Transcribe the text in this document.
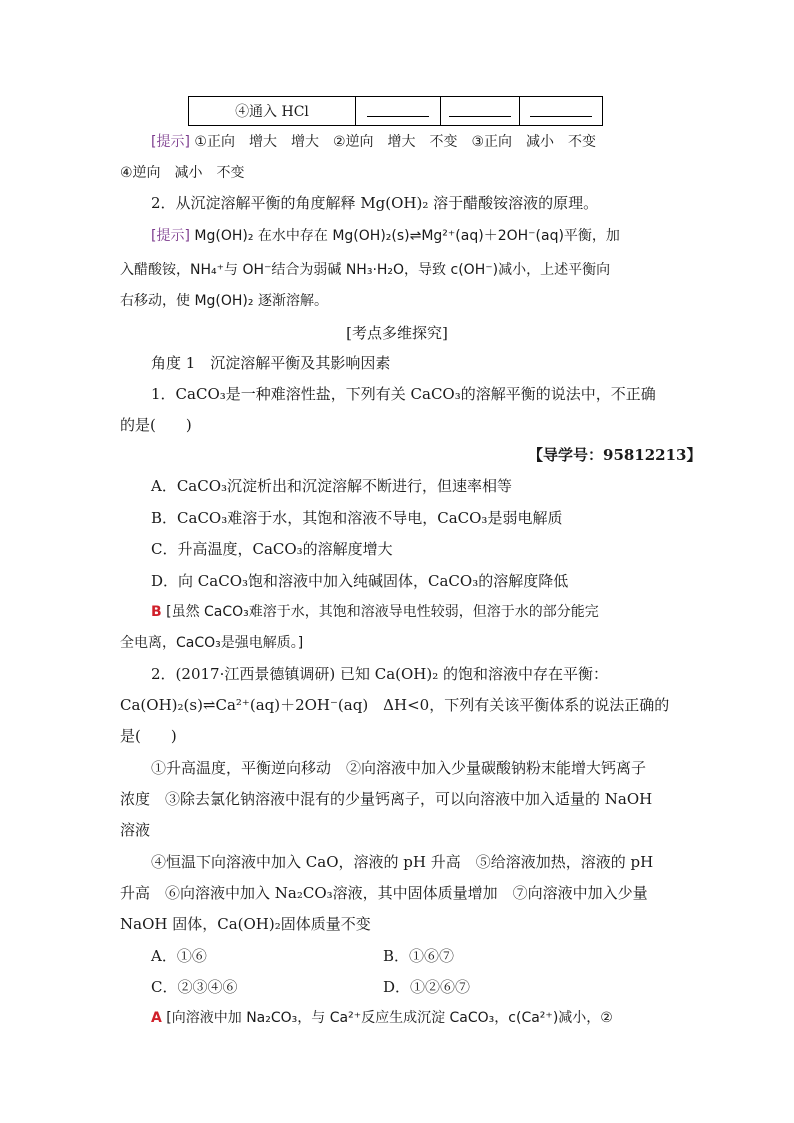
④通入 HCl			
[提示] ①正向　增大　增大　②逆向　增大　不变　③正向　减小　不变
④逆向　减小　不变
2．从沉淀溶解平衡的角度解释 Mg(OH)₂ 溶于醋酸铵溶液的原理。
[提示] Mg(OH)₂ 在水中存在 Mg(OH)₂(s)⇌Mg²⁺(aq)＋2OH⁻(aq)平衡，加
入醋酸铵，NH₄⁺与 OH⁻结合为弱碱 NH₃·H₂O，导致 c(OH⁻)减小，上述平衡向
右移动，使 Mg(OH)₂ 逐渐溶解。
[考点多维探究]
角度 1　沉淀溶解平衡及其影响因素
1．CaCO₃是一种难溶性盐，下列有关 CaCO₃的溶解平衡的说法中，不正确
的是(　　)
【导学号：95812213】
A．CaCO₃沉淀析出和沉淀溶解不断进行，但速率相等
B．CaCO₃难溶于水，其饱和溶液不导电，CaCO₃是弱电解质
C．升高温度，CaCO₃的溶解度增大
D．向 CaCO₃饱和溶液中加入纯碱固体，CaCO₃的溶解度降低
B [虽然 CaCO₃难溶于水，其饱和溶液导电性较弱，但溶于水的部分能完
全电离，CaCO₃是强电解质。]
2．(2017·江西景德镇调研) 已知 Ca(OH)₂ 的饱和溶液中存在平衡：
Ca(OH)₂(s)⇌Ca²⁺(aq)＋2OH⁻(aq)　ΔH<0，下列有关该平衡体系的说法正确的
是(　　)
①升高温度，平衡逆向移动　②向溶液中加入少量碳酸钠粉末能增大钙离子
浓度　③除去氯化钠溶液中混有的少量钙离子，可以向溶液中加入适量的 NaOH
溶液
④恒温下向溶液中加入 CaO，溶液的 pH 升高　⑤给溶液加热，溶液的 pH
升高　⑥向溶液中加入 Na₂CO₃溶液，其中固体质量增加　⑦向溶液中加入少量
NaOH 固体，Ca(OH)₂固体质量不变
A．①⑥	B．①⑥⑦
C．②③④⑥	D．①②⑥⑦
A [向溶液中加 Na₂CO₃，与 Ca²⁺反应生成沉淀 CaCO₃，c(Ca²⁺)减小，②
